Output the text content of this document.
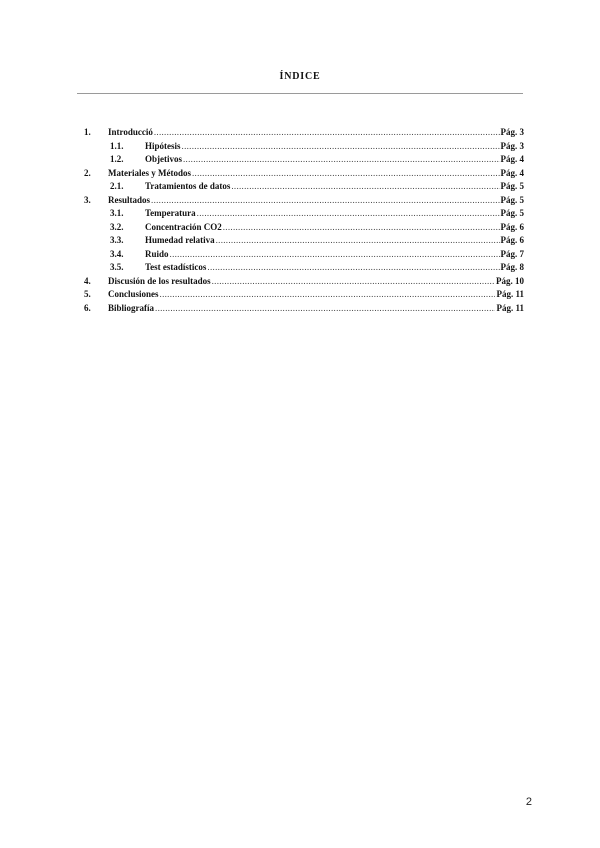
ÍNDICE
1.	Introducció .....	Pág. 3
1.1.	Hipótesis .....	Pág. 3
1.2.	Objetivos .....	Pág. 4
2.	Materiales y Métodos .....	Pág. 4
2.1.	Tratamientos de datos .....	Pág. 5
3.	Resultados .....	Pág. 5
3.1.	Temperatura .....	Pág. 5
3.2.	Concentración CO2 .....	Pág. 6
3.3.	Humedad relativa .....	Pág. 6
3.4.	Ruido .....	Pág. 7
3.5.	Test estadísticos .....	Pág. 8
4.	Discusión de los resultados .....	Pág. 10
5.	Conclusiones .....	Pág. 11
6.	Bibliografía .....	Pág. 11
2
